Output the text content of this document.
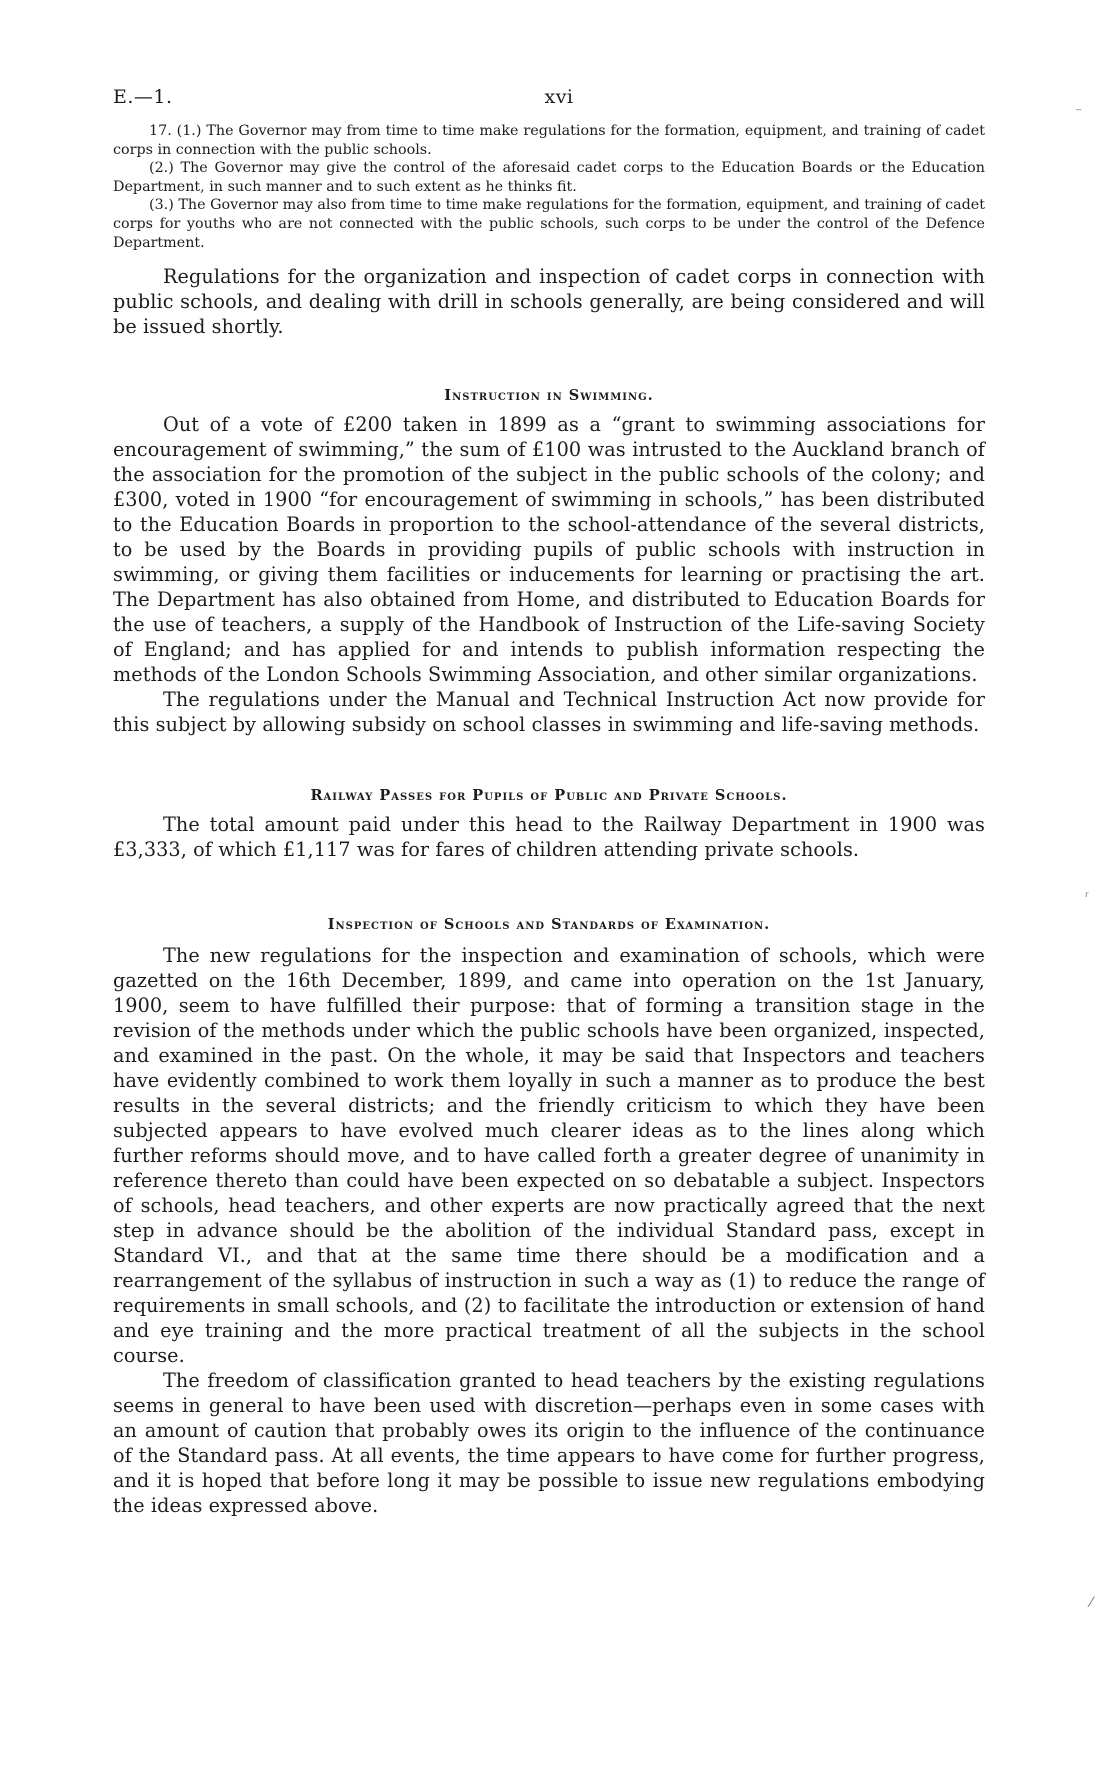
E.—1.	xvi

17. (1.) The Governor may from time to time make regulations for the formation, equipment, and training of cadet corps in connection with the public schools.

(2.) The Governor may give the control of the aforesaid cadet corps to the Education Boards or the Education Department, in such manner and to such extent as he thinks fit.

(3.) The Governor may also from time to time make regulations for the formation, equipment, and training of cadet corps for youths who are not connected with the public schools, such corps to be under the control of the Defence Department.

Regulations for the organization and inspection of cadet corps in connection with public schools, and dealing with drill in schools generally, are being considered and will be issued shortly.

Instruction in Swimming.

Out of a vote of £200 taken in 1899 as a “grant to swimming associations for encouragement of swimming,” the sum of £100 was intrusted to the Auckland branch of the association for the promotion of the subject in the public schools of the colony; and £300, voted in 1900 “for encouragement of swimming in schools,” has been distributed to the Education Boards in proportion to the school-attendance of the several districts, to be used by the Boards in providing pupils of public schools with instruction in swimming, or giving them facilities or inducements for learning or practising the art. The Department has also obtained from Home, and distributed to Education Boards for the use of teachers, a supply of the Handbook of Instruction of the Life-saving Society of England; and has applied for and intends to publish information respecting the methods of the London Schools Swimming Association, and other similar organizations.

The regulations under the Manual and Technical Instruction Act now provide for this subject by allowing subsidy on school classes in swimming and life-saving methods.

Railway Passes for Pupils of Public and Private Schools.

The total amount paid under this head to the Railway Department in 1900 was £3,333, of which £1,117 was for fares of children attending private schools.

Inspection of Schools and Standards of Examination.

The new regulations for the inspection and examination of schools, which were gazetted on the 16th December, 1899, and came into operation on the 1st January, 1900, seem to have fulfilled their purpose: that of forming a transition stage in the revision of the methods under which the public schools have been organized, inspected, and examined in the past. On the whole, it may be said that Inspectors and teachers have evidently combined to work them loyally in such a manner as to produce the best results in the several districts; and the friendly criticism to which they have been subjected appears to have evolved much clearer ideas as to the lines along which further reforms should move, and to have called forth a greater degree of unanimity in reference thereto than could have been expected on so debatable a subject. Inspectors of schools, head teachers, and other experts are now practically agreed that the next step in advance should be the abolition of the individual Standard pass, except in Standard VI., and that at the same time there should be a modification and a rearrangement of the syllabus of instruction in such a way as (1) to reduce the range of requirements in small schools, and (2) to facilitate the introduction or extension of hand and eye training and the more practical treatment of all the subjects in the school course.

The freedom of classification granted to head teachers by the existing regulations seems in general to have been used with discretion—perhaps even in some cases with an amount of caution that probably owes its origin to the influence of the continuance of the Standard pass. At all events, the time appears to have come for further progress, and it is hoped that before long it may be possible to issue new regulations embodying the ideas expressed above.

⁻
ᵣ
⁄
